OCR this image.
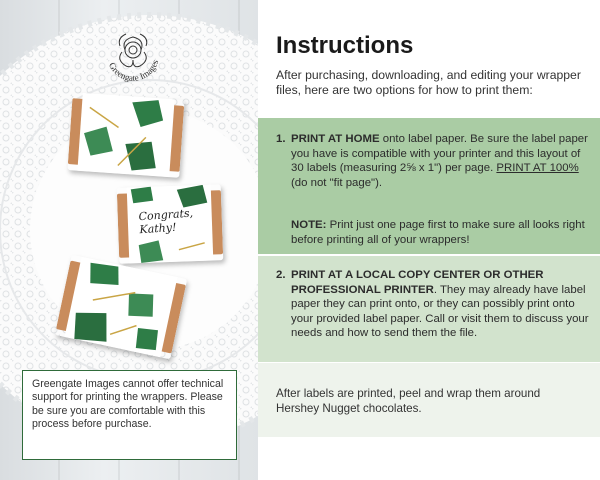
Greengate Images
Congrats,
Kathy!
Greengate Images cannot offer technical support for printing the wrappers. Please be sure you are comfortable with this process before purchase.
Instructions
After purchasing, downloading, and editing your wrapper files, here are two options for how to print them:
1. PRINT AT HOME onto label paper. Be sure the label paper you have is compatible with your printer and this layout of 30 labels (measuring 2⅝ x 1") per page. PRINT AT 100% (do not "fit page").
NOTE: Print just one page first to make sure all looks right before printing all of your wrappers!
2. PRINT AT A LOCAL COPY CENTER OR OTHER PROFESSIONAL PRINTER. They may already have label paper they can print onto, or they can possibly print onto your provided label paper. Call or visit them to discuss your needs and how to send them the file.
After labels are printed, peel and wrap them around Hershey Nugget chocolates.
